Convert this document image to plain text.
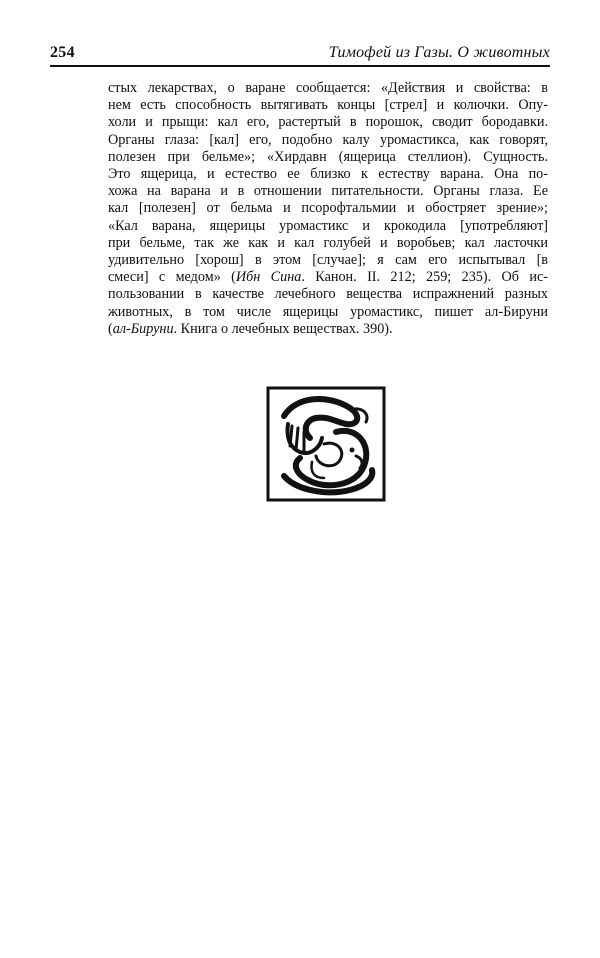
254	Тимофей из Газы. О животных
стых лекарствах, о варане сообщается: «Действия и свойства: в
нем есть способность вытягивать концы [стрел] и колючки. Опу-
холи и прыщи: кал его, растертый в порошок, сводит бородавки.
Органы глаза: [кал] его, подобно калу уромастикса, как говорят,
полезен при бельме»; «Хирдавн (ящерица стеллион). Сущность.
Это ящерица, и естество ее близко к естеству варана. Она по-
хожа на варана и в отношении питательности. Органы глаза. Ее
кал [полезен] от бельма и псорофтальмии и обостряет зрение»;
«Кал варана, ящерицы уромастикс и крокодила [употребляют]
при бельме, так же как и кал голубей и воробьев; кал ласточки
удивительно [хорош] в этом [случае]; я сам его испытывал [в
смеси] с медом» (Ибн Сина. Канон. II. 212; 259; 235). Об ис-
пользовании в качестве лечебного вещества испражнений разных
животных, в том числе ящерицы уромастикс, пишет ал-Бируни
(ал-Бируни. Книга о лечебных веществах. 390).
